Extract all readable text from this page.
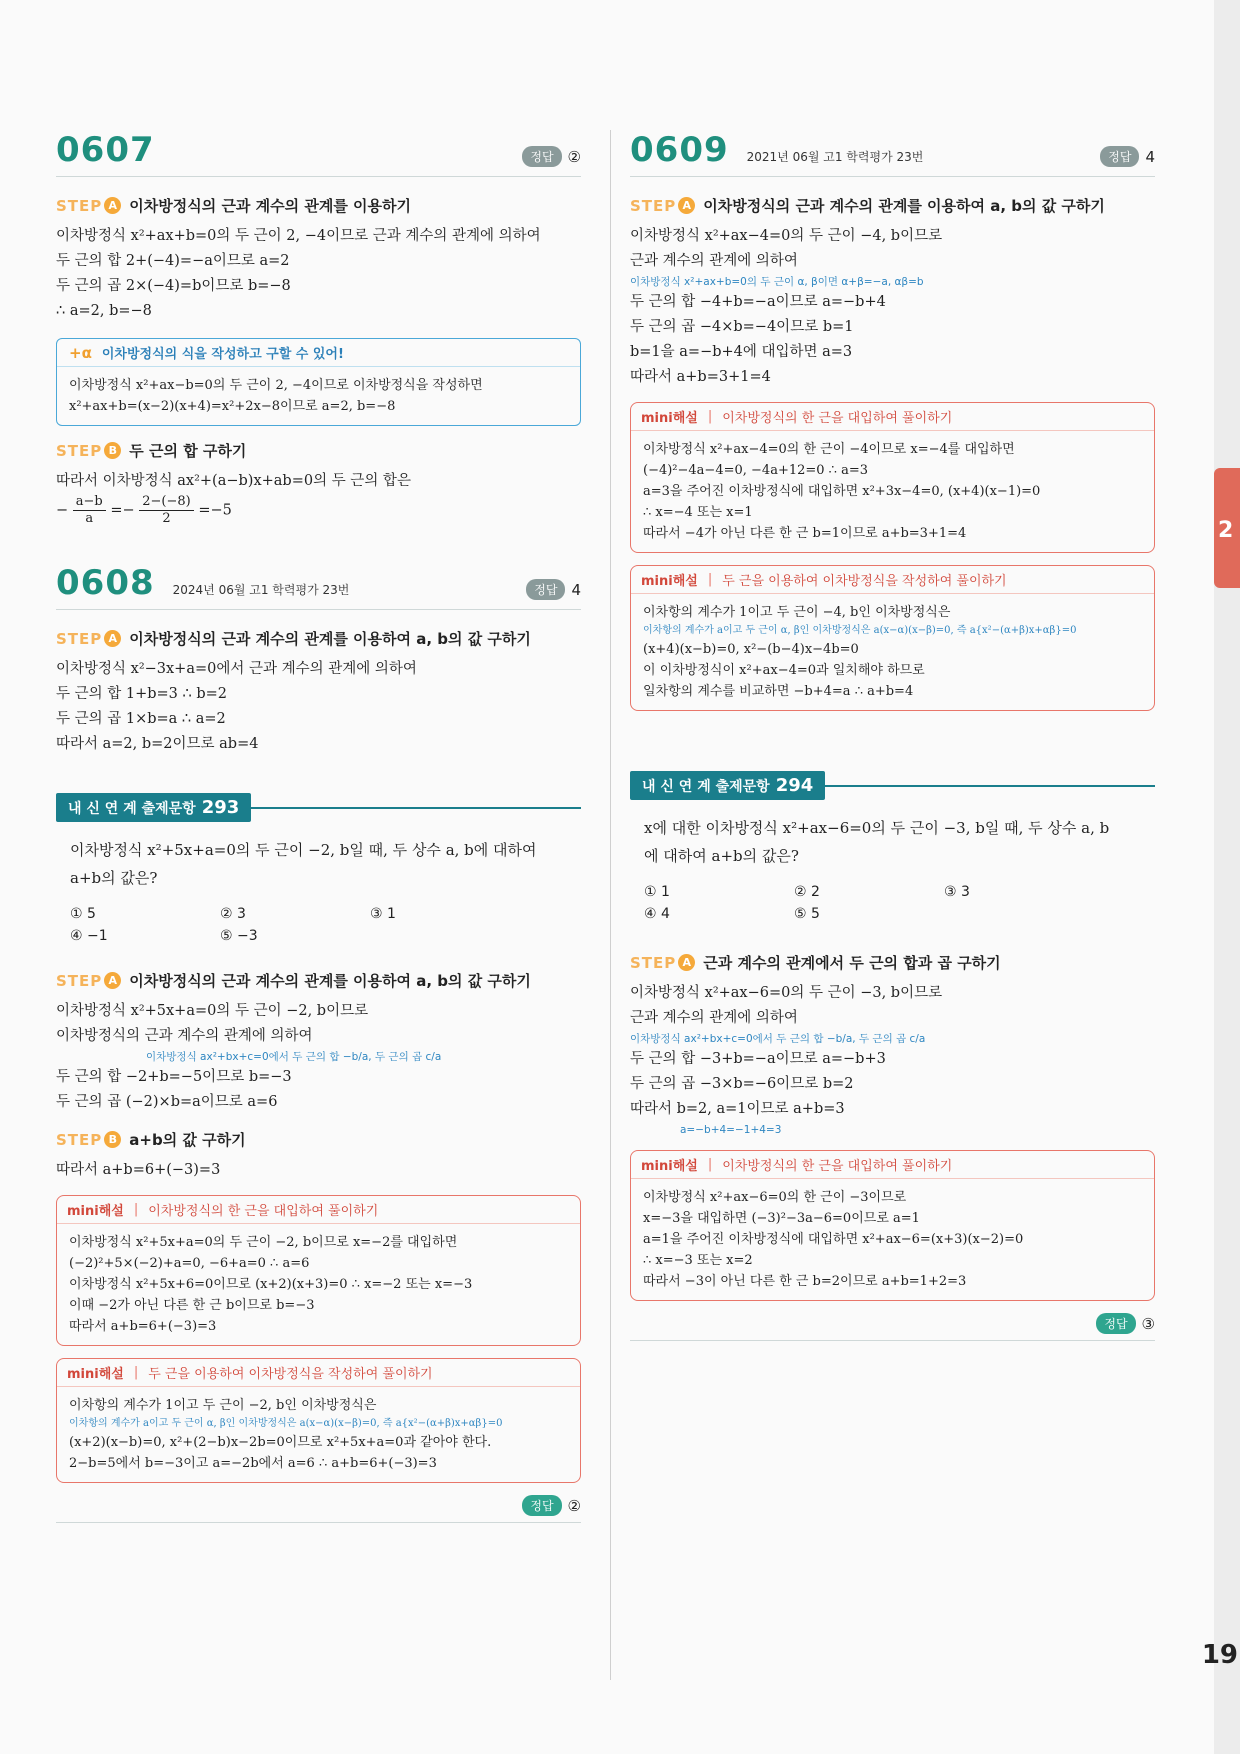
2
19
0607	정답 ②
STEP A 이차방정식의 근과 계수의 관계를 이용하기
이차방정식 x²+ax+b=0의 두 근이 2, −4이므로 근과 계수의 관계에 의하여
두 근의 합 2+(−4)=−a이므로 a=2
두 근의 곱 2×(−4)=b이므로 b=−8
∴ a=2, b=−8
+α 이차방정식의 식을 작성하고 구할 수 있어!
이차방정식 x²+ax−b=0의 두 근이 2, −4이므로 이차방정식을 작성하면
x²+ax+b=(x−2)(x+4)=x²+2x−8이므로 a=2, b=−8
STEP B 두 근의 합 구하기
따라서 이차방정식 ax²+(a−b)x+ab=0의 두 근의 합은
− $\frac{a-b}{a} =- \frac{2-(-8)}{2} =-5$
0608 2024년 06월 고1 학력평가 23번	정답 4
STEP A 이차방정식의 근과 계수의 관계를 이용하여 a, b의 값 구하기
이차방정식 x²−3x+a=0에서 근과 계수의 관계에 의하여
두 근의 합 1+b=3 ∴ b=2
두 근의 곱 1×b=a ∴ a=2
따라서 a=2, b=2이므로 ab=4
내 신 연 계 출제문항 293
이차방정식 x²+5x+a=0의 두 근이 −2, b일 때, 두 상수 a, b에 대하여
a+b의 값은?
① 5	② 3	③ 1
④ −1	⑤ −3
STEP A 이차방정식의 근과 계수의 관계를 이용하여 a, b의 값 구하기
이차방정식 x²+5x+a=0의 두 근이 −2, b이므로
이차방정식의 근과 계수의 관계에 의하여
이차방정식 ax²+bx+c=0에서 두 근의 합 −b/a, 두 근의 곱 c/a
두 근의 합 −2+b=−5이므로 b=−3
두 근의 곱 (−2)×b=a이므로 a=6
STEP B a+b의 값 구하기
따라서 a+b=6+(−3)=3
mini해설 | 이차방정식의 한 근을 대입하여 풀이하기
이차방정식 x²+5x+a=0의 두 근이 −2, b이므로 x=−2를 대입하면
(−2)²+5×(−2)+a=0, −6+a=0 ∴ a=6
이차방정식 x²+5x+6=0이므로 (x+2)(x+3)=0 ∴ x=−2 또는 x=−3
이때 −2가 아닌 다른 한 근 b이므로 b=−3
따라서 a+b=6+(−3)=3
mini해설 | 두 근을 이용하여 이차방정식을 작성하여 풀이하기
이차항의 계수가 1이고 두 근이 −2, b인 이차방정식은
이차항의 계수가 a이고 두 근이 α, β인 이차방정식은 a(x−α)(x−β)=0, 즉 a{x²−(α+β)x+αβ}=0
(x+2)(x−b)=0, x²+(2−b)x−2b=0이므로 x²+5x+a=0과 같아야 한다.
2−b=5에서 b=−3이고 a=−2b에서 a=6 ∴ a+b=6+(−3)=3
정답 ②
0609 2021년 06월 고1 학력평가 23번	정답 4
STEP A 이차방정식의 근과 계수의 관계를 이용하여 a, b의 값 구하기
이차방정식 x²+ax−4=0의 두 근이 −4, b이므로
근과 계수의 관계에 의하여
이차방정식 x²+ax+b=0의 두 근이 α, β이면 α+β=−a, αβ=b
두 근의 합 −4+b=−a이므로 a=−b+4
두 근의 곱 −4×b=−4이므로 b=1
b=1을 a=−b+4에 대입하면 a=3
따라서 a+b=3+1=4
mini해설 | 이차방정식의 한 근을 대입하여 풀이하기
이차방정식 x²+ax−4=0의 한 근이 −4이므로 x=−4를 대입하면
(−4)²−4a−4=0, −4a+12=0 ∴ a=3
a=3을 주어진 이차방정식에 대입하면 x²+3x−4=0, (x+4)(x−1)=0
∴ x=−4 또는 x=1
따라서 −4가 아닌 다른 한 근 b=1이므로 a+b=3+1=4
mini해설 | 두 근을 이용하여 이차방정식을 작성하여 풀이하기
이차항의 계수가 1이고 두 근이 −4, b인 이차방정식은
이차항의 계수가 a이고 두 근이 α, β인 이차방정식은 a(x−α)(x−β)=0, 즉 a{x²−(α+β)x+αβ}=0
(x+4)(x−b)=0, x²−(b−4)x−4b=0
이 이차방정식이 x²+ax−4=0과 일치해야 하므로
일차항의 계수를 비교하면 −b+4=a ∴ a+b=4
내 신 연 계 출제문항 294
x에 대한 이차방정식 x²+ax−6=0의 두 근이 −3, b일 때, 두 상수 a, b
에 대하여 a+b의 값은?
① 1	② 2	③ 3
④ 4	⑤ 5
STEP A 근과 계수의 관계에서 두 근의 합과 곱 구하기
이차방정식 x²+ax−6=0의 두 근이 −3, b이므로
근과 계수의 관계에 의하여
이차방정식 ax²+bx+c=0에서 두 근의 합 −b/a, 두 근의 곱 c/a
두 근의 합 −3+b=−a이므로 a=−b+3
두 근의 곱 −3×b=−6이므로 b=2
따라서 b=2, a=1이므로 a+b=3
a=−b+4=−1+4=3
mini해설 | 이차방정식의 한 근을 대입하여 풀이하기
이차방정식 x²+ax−6=0의 한 근이 −3이므로
x=−3을 대입하면 (−3)²−3a−6=0이므로 a=1
a=1을 주어진 이차방정식에 대입하면 x²+ax−6=(x+3)(x−2)=0
∴ x=−3 또는 x=2
따라서 −3이 아닌 다른 한 근 b=2이므로 a+b=1+2=3
정답 ③
